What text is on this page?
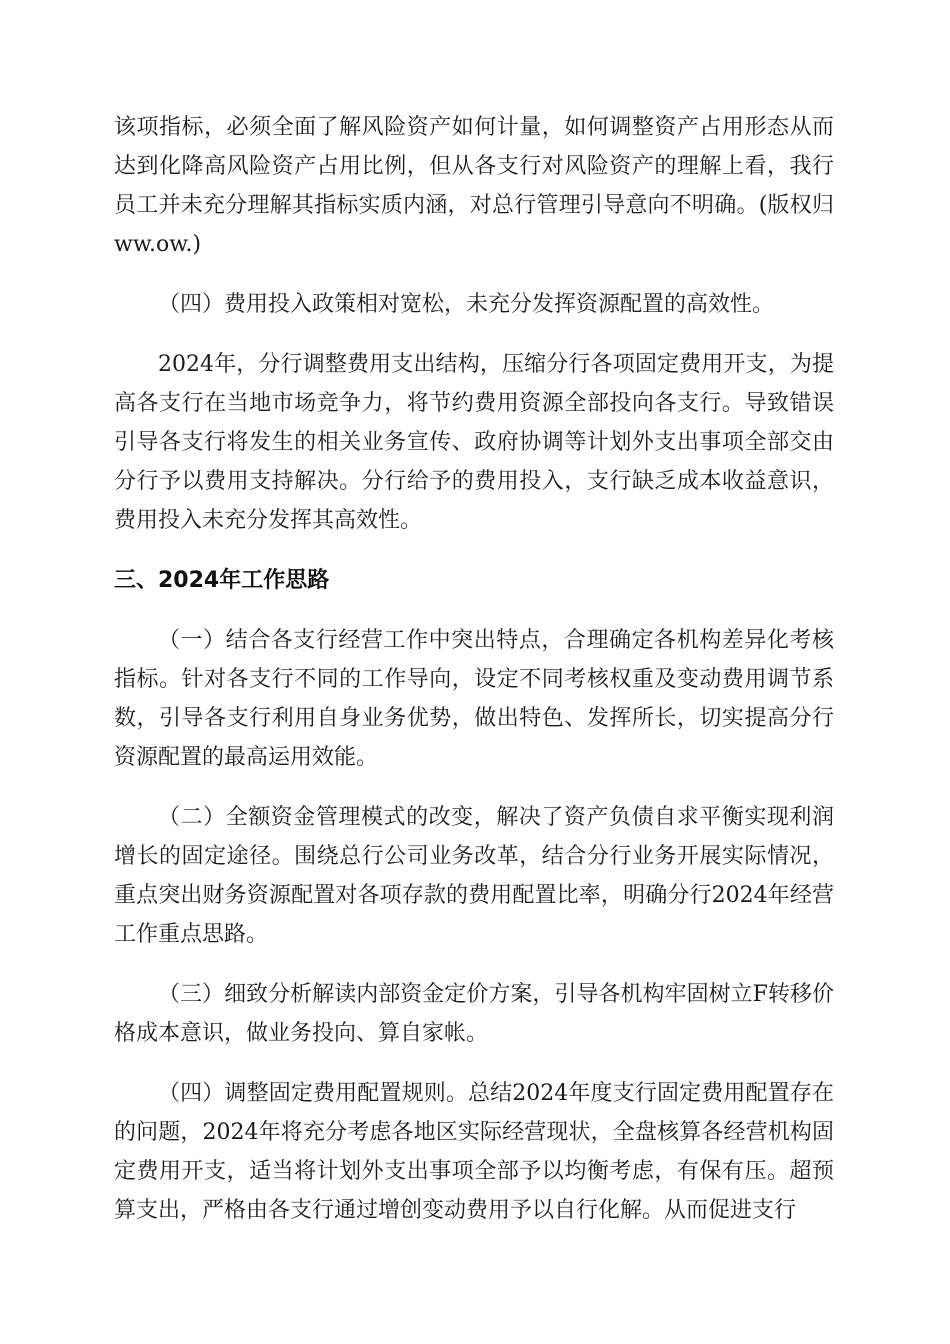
该项指标，必须全面了解风险资产如何计量，如何调整资产占用形态从而达到化降高风险资产占用比例，但从各支行对风险资产的理解上看，我行员工并未充分理解其指标实质内涵，对总行管理引导意向不明确。(版权归ww.ow.)

（四）费用投入政策相对宽松，未充分发挥资源配置的高效性。

2024年，分行调整费用支出结构，压缩分行各项固定费用开支，为提高各支行在当地市场竞争力，将节约费用资源全部投向各支行。导致错误引导各支行将发生的相关业务宣传、政府协调等计划外支出事项全部交由分行予以费用支持解决。分行给予的费用投入，支行缺乏成本收益意识，费用投入未充分发挥其高效性。

三、2024年工作思路

（一）结合各支行经营工作中突出特点，合理确定各机构差异化考核指标。针对各支行不同的工作导向，设定不同考核权重及变动费用调节系数，引导各支行利用自身业务优势，做出特色、发挥所长，切实提高分行资源配置的最高运用效能。

（二）全额资金管理模式的改变，解决了资产负债自求平衡实现利润增长的固定途径。围绕总行公司业务改革，结合分行业务开展实际情况，重点突出财务资源配置对各项存款的费用配置比率，明确分行2024年经营工作重点思路。

（三）细致分析解读内部资金定价方案，引导各机构牢固树立F转移价格成本意识，做业务投向、算自家帐。

（四）调整固定费用配置规则。总结2024年度支行固定费用配置存在的问题，2024年将充分考虑各地区实际经营现状，全盘核算各经营机构固定费用开支，适当将计划外支出事项全部予以均衡考虑，有保有压。超预算支出，严格由各支行通过增创变动费用予以自行化解。从而促进支行
